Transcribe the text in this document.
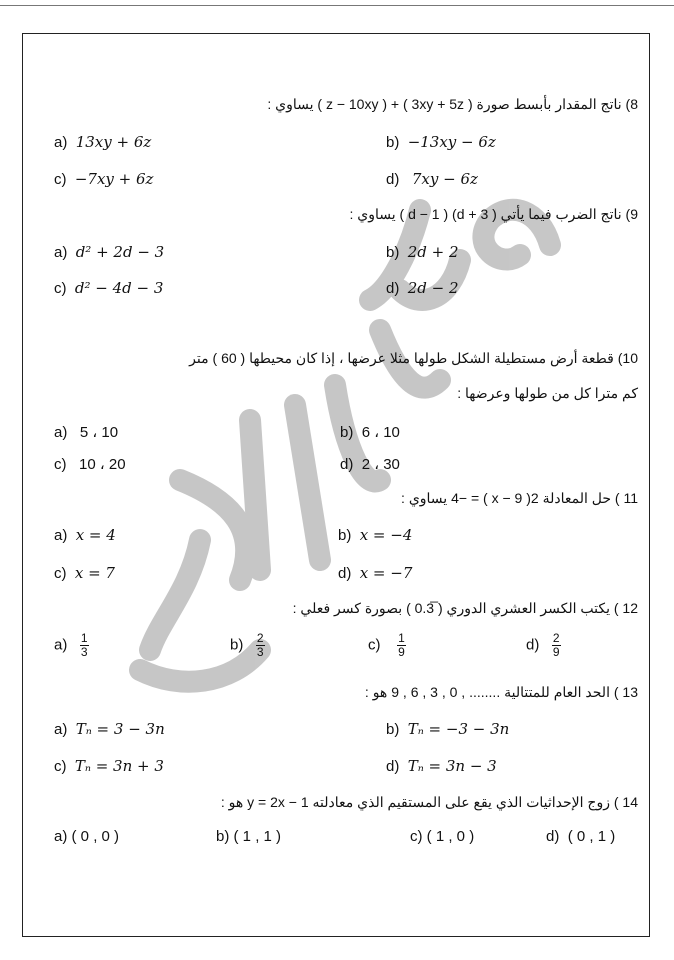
8) ناتج المقدار بأبسط صورة ( 3xy + 5z ) + ( z − 10xy ) يساوي :
a) 13xy + 6z	b) −13xy − 6z
c) −7xy + 6z	d) 7xy − 6z
9) ناتج الضرب فيما يأتي ( d + 3) ( d − 1 ) يساوي :
a) d² + 2d − 3	b) 2d + 2
c) d² − 4d − 3	d) 2d − 2
10) قطعة أرض مستطيلة الشكل طولها مثلا عرضها ، إذا كان محيطها ( 60 ) متر
كم مترا كل من طولها وعرضها :
a) 5 ، 10	b) 6 ، 10
c) 10 ، 20	d) 2 ، 30
11 ) حل المعادلة 2( x − 9 ) = −4 يساوي :
a) x = 4	b) x = −4
c) x = 7	d) x = −7
12 ) يكتب الكسر العشري الدوري ( 0.3̅ ) بصورة كسر فعلي :
$a) \frac{1}{3}$	$b) \frac{2}{3}$	$c) \frac{1}{9}$	$d) \frac{2}{9}$
13 ) الحد العام للمتتالية ........ , 0 , 3 , 6 , 9 هو :
a) Tₙ = 3 − 3n	b) Tₙ = −3 − 3n
c) Tₙ = 3n + 3	d) Tₙ = 3n − 3
14 ) زوج الإحداثيات الذي يقع على المستقيم الذي معادلته y = 2x − 1 هو :
a) ( 0 , 0 )	b) ( 1 , 1 )	c) ( 1 , 0 )	d) ( 0 , 1 )
